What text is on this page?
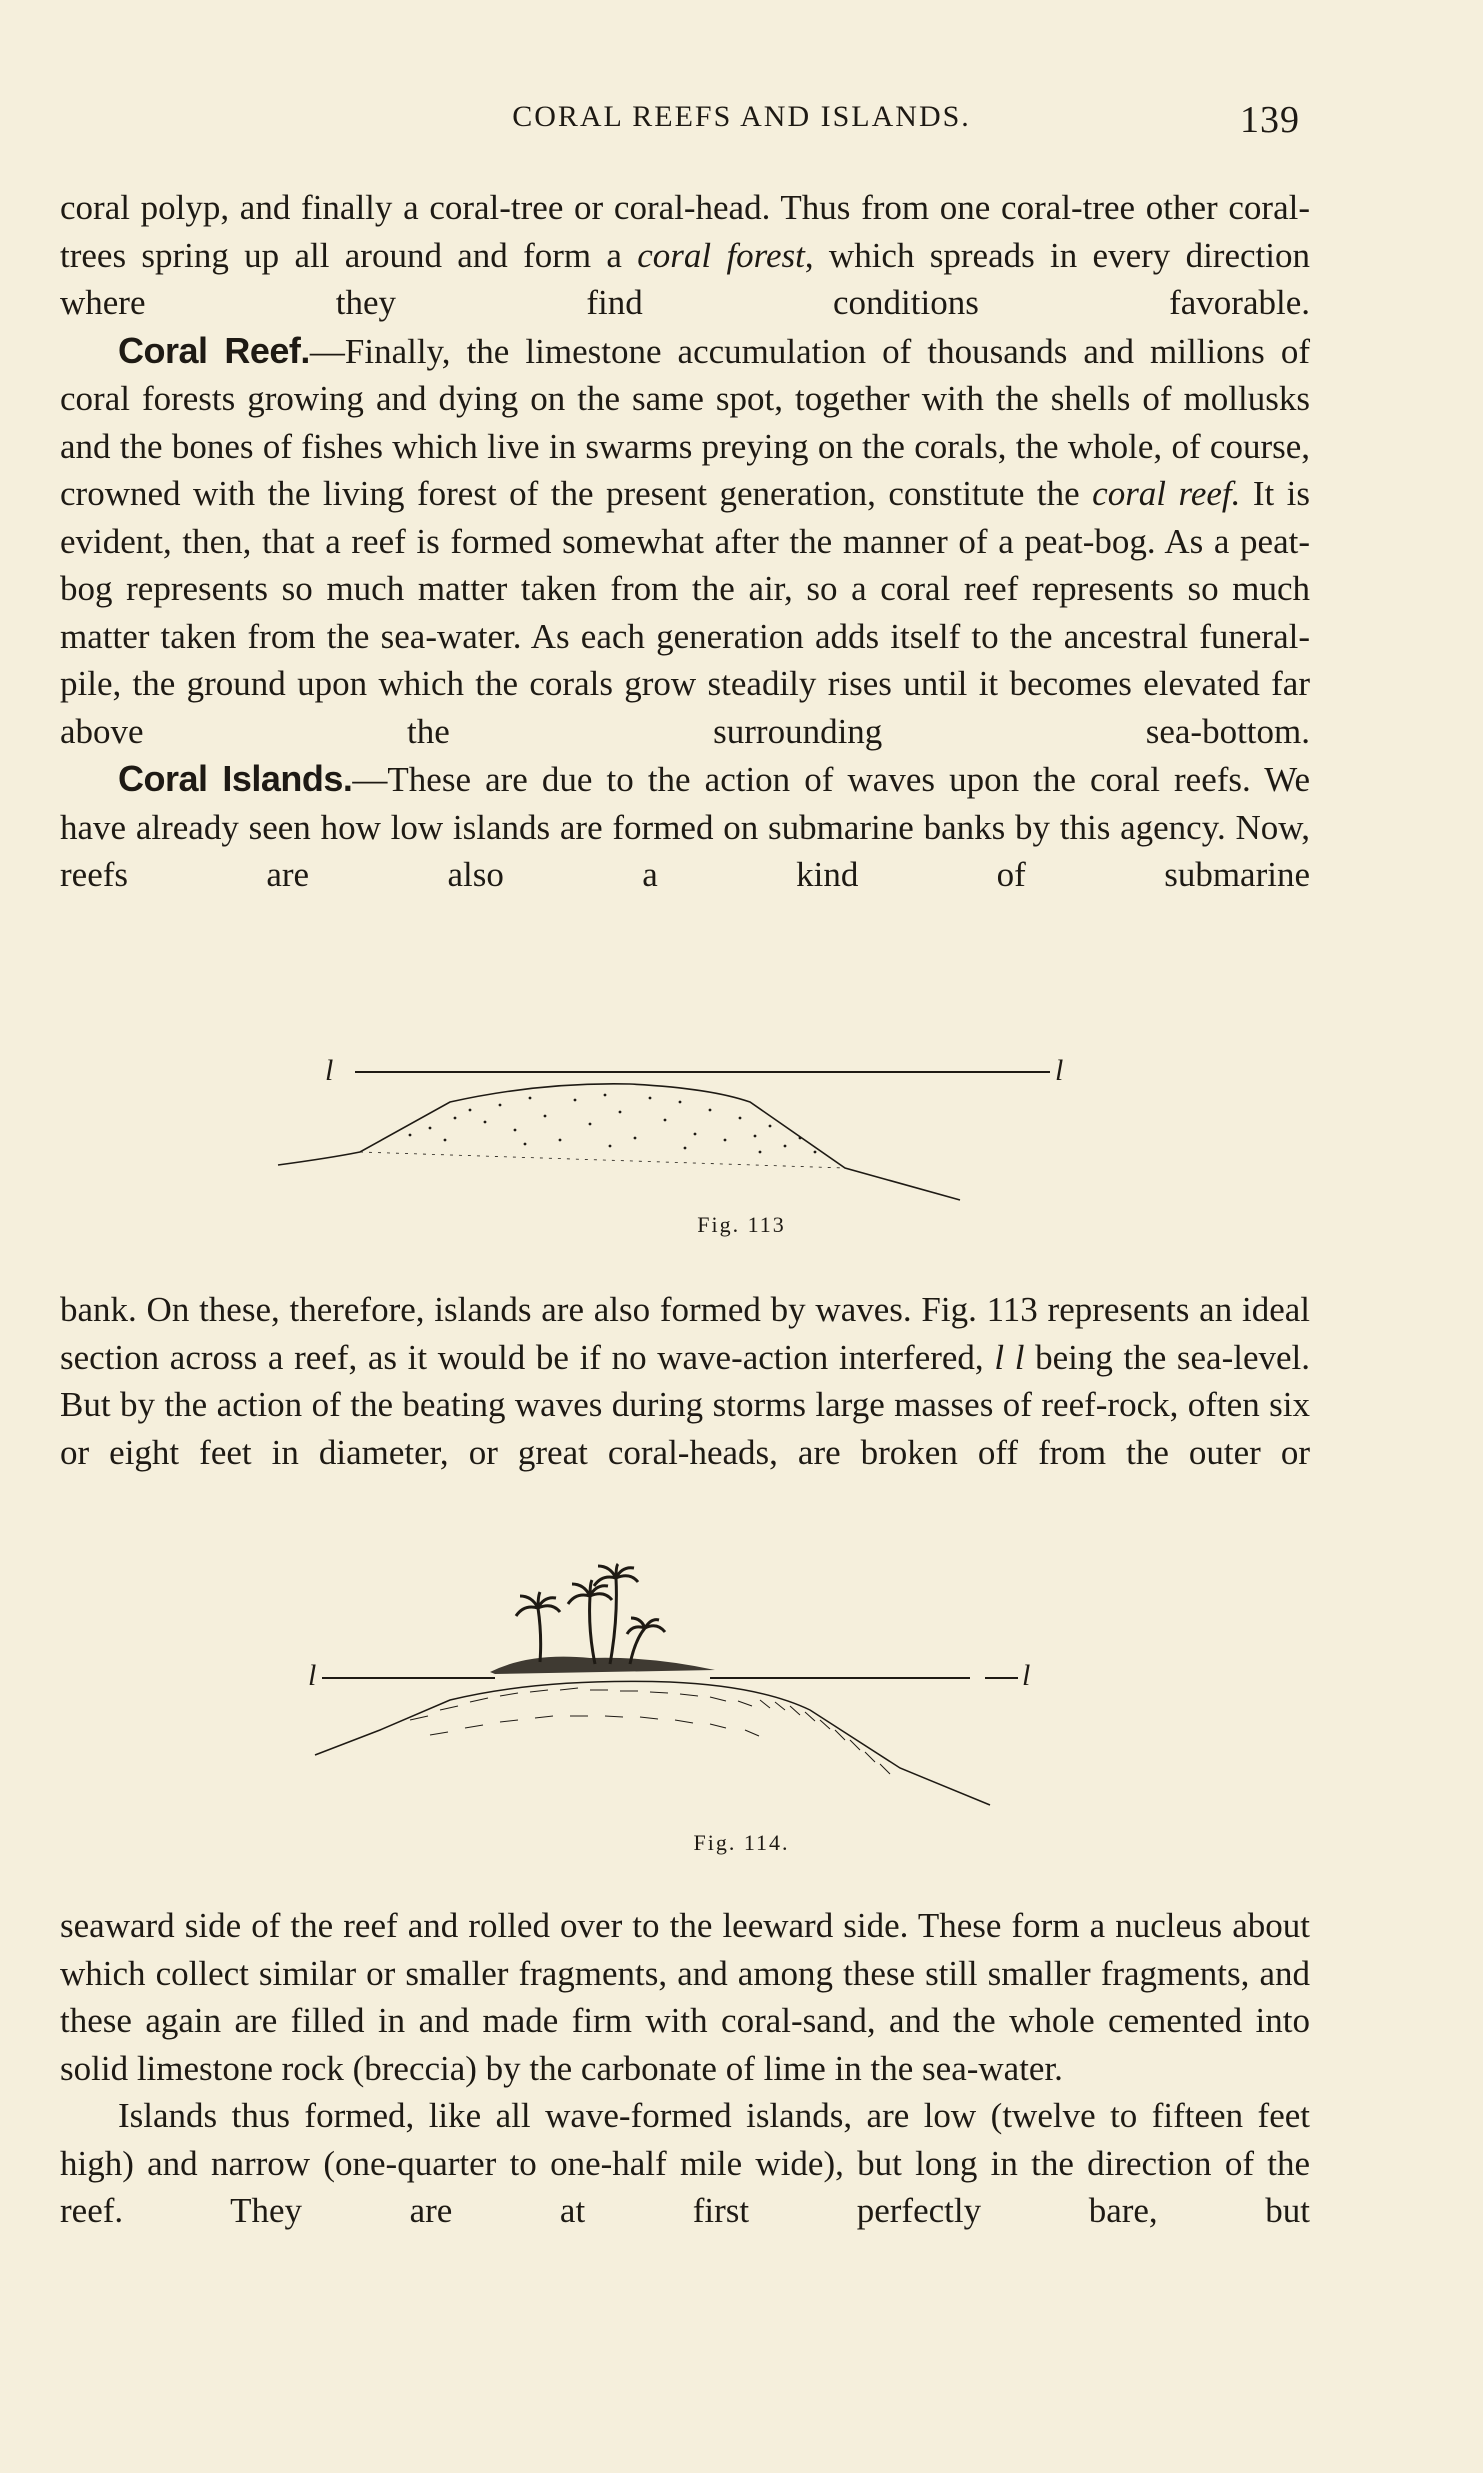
CORAL REEFS AND ISLANDS.	139

coral polyp, and finally a coral-tree or coral-head. Thus from one coral-tree other coral-trees spring up all around and form a coral forest, which spreads in every direction where they find conditions favorable.

Coral Reef.—Finally, the limestone accumulation of thousands and millions of coral forests growing and dying on the same spot, together with the shells of mollusks and the bones of fishes which live in swarms preying on the corals, the whole, of course, crowned with the living forest of the present generation, constitute the coral reef. It is evident, then, that a reef is formed somewhat after the manner of a peat-bog. As a peat-bog represents so much matter taken from the air, so a coral reef represents so much matter taken from the sea-water. As each generation adds itself to the ancestral funeral-pile, the ground upon which the corals grow steadily rises until it becomes elevated far above the surrounding sea-bottom.

Coral Islands.—These are due to the action of waves upon the coral reefs. We have already seen how low islands are formed on submarine banks by this agency. Now, reefs are also a kind of submarine

l	l
Fig. 113

bank. On these, therefore, islands are also formed by waves. Fig. 113 represents an ideal section across a reef, as it would be if no wave-action interfered, l l being the sea-level. But by the action of the beating waves during storms large masses of reef-rock, often six or eight feet in diameter, or great coral-heads, are broken off from the outer or

l	l
Fig. 114.

seaward side of the reef and rolled over to the leeward side. These form a nucleus about which collect similar or smaller fragments, and among these still smaller fragments, and these again are filled in and made firm with coral-sand, and the whole cemented into solid limestone rock (breccia) by the carbonate of lime in the sea-water.

Islands thus formed, like all wave-formed islands, are low (twelve to fifteen feet high) and narrow (one-quarter to one-half mile wide), but long in the direction of the reef. They are at first perfectly bare, but
